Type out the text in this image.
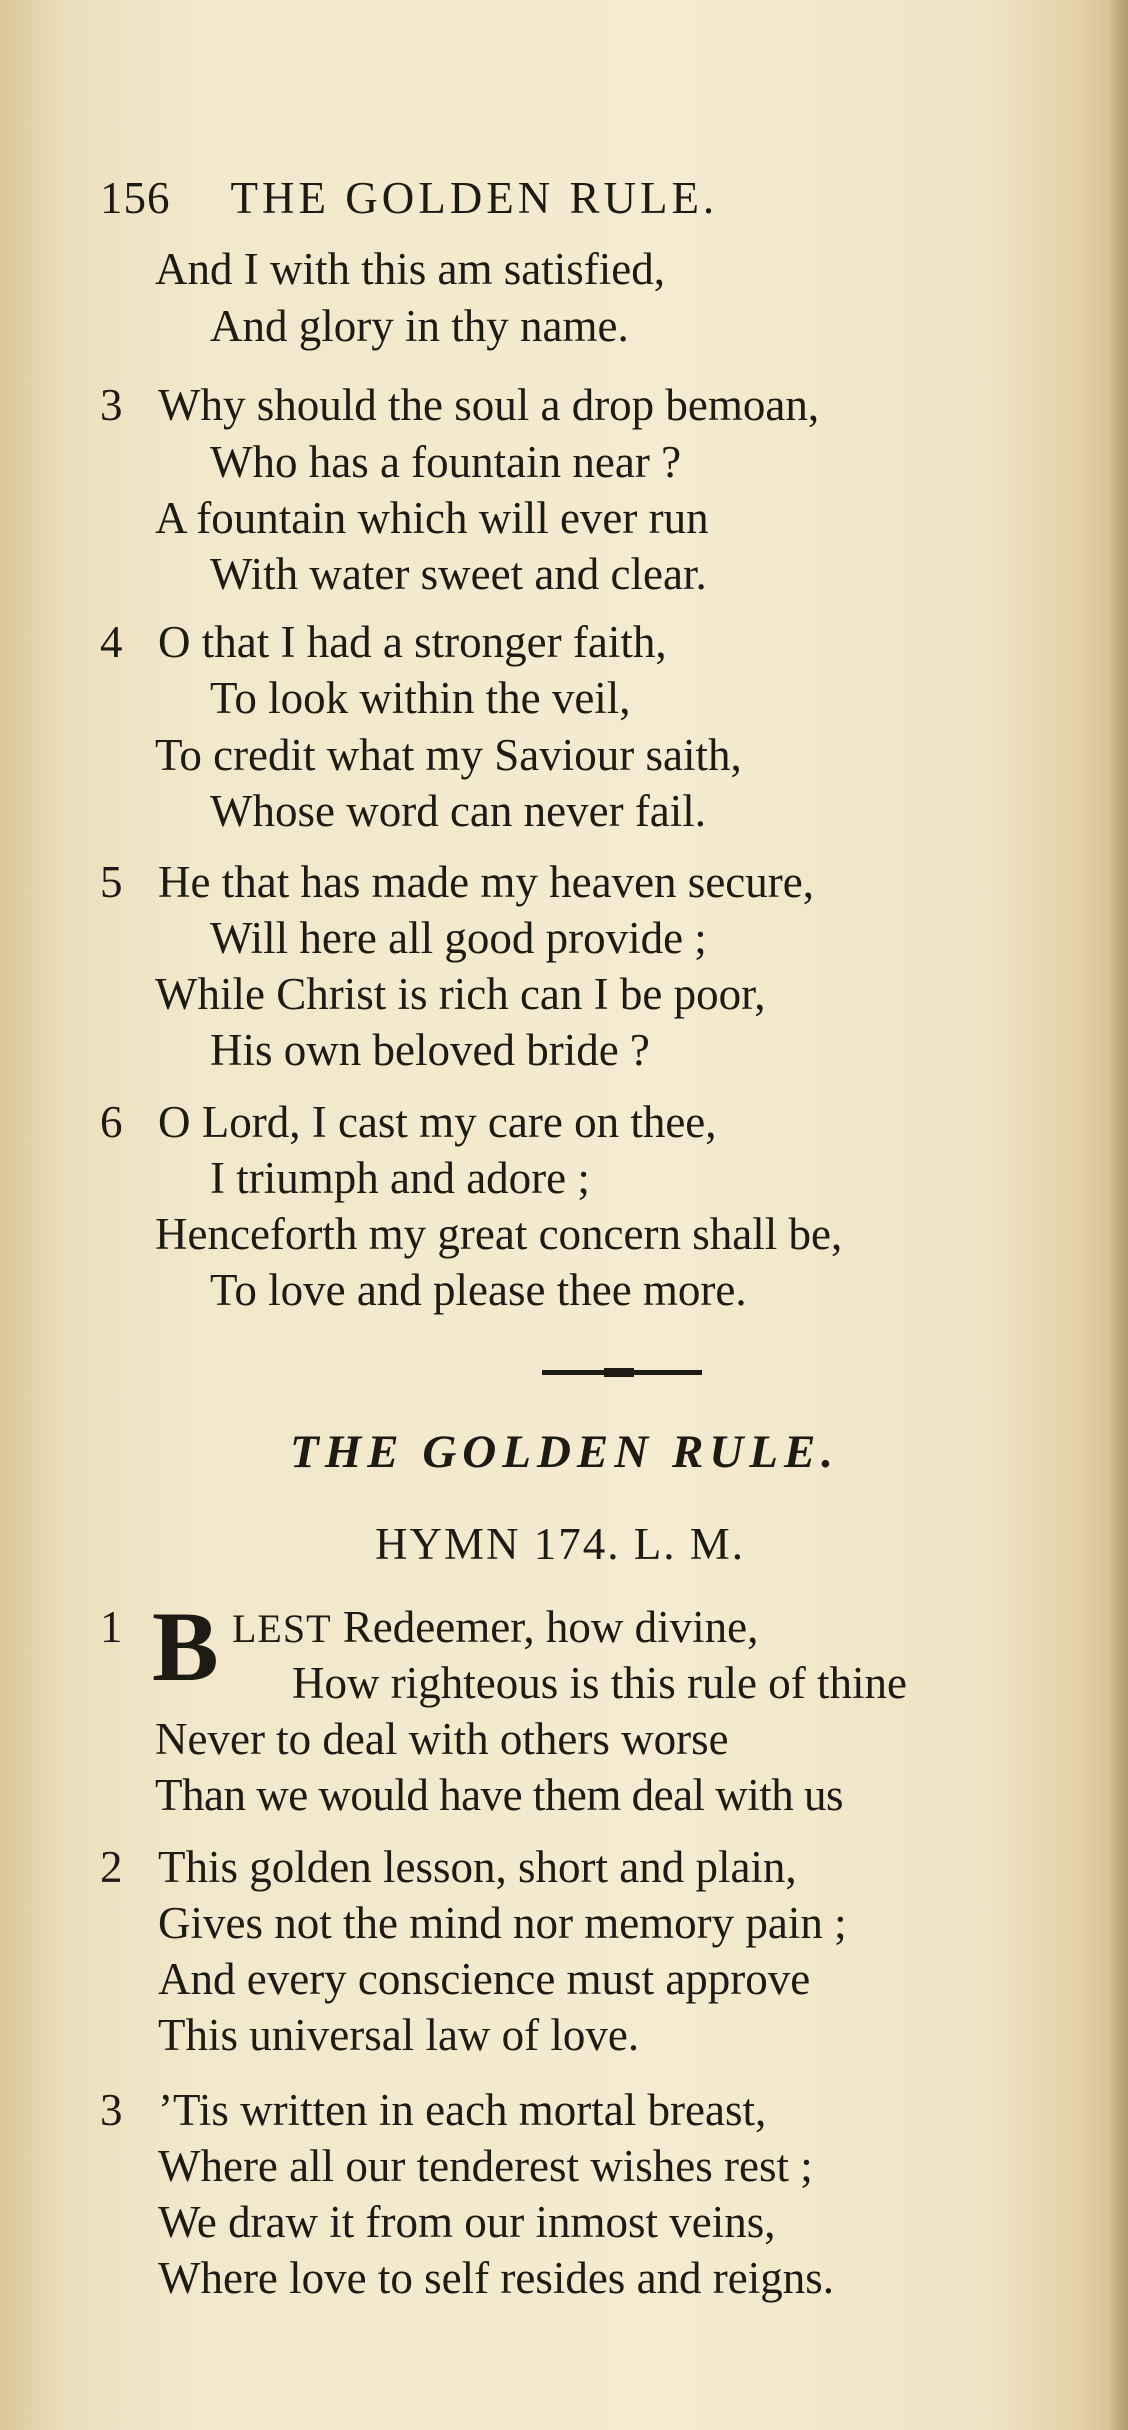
156 THE GOLDEN RULE.
And I with this am satisfied,
And glory in thy name.
3 Why should the soul a drop bemoan,
Who has a fountain near ?
A fountain which will ever run
With water sweet and clear.
4 O that I had a stronger faith,
To look within the veil,
To credit what my Saviour saith,
Whose word can never fail.
5 He that has made my heaven secure,
Will here all good provide ;
While Christ is rich can I be poor,
His own beloved bride ?
6 O Lord, I cast my care on thee,
I triumph and adore ;
Henceforth my great concern shall be,
To love and please thee more.
THE GOLDEN RULE.
HYMN 174. L. M.
1 B LEST Redeemer, how divine,
How righteous is this rule of thine
Never to deal with others worse
Than we would have them deal with us
2 This golden lesson, short and plain,
Gives not the mind nor memory pain ;
And every conscience must approve
This universal law of love.
3 ’Tis written in each mortal breast,
Where all our tenderest wishes rest ;
We draw it from our inmost veins,
Where love to self resides and reigns.
